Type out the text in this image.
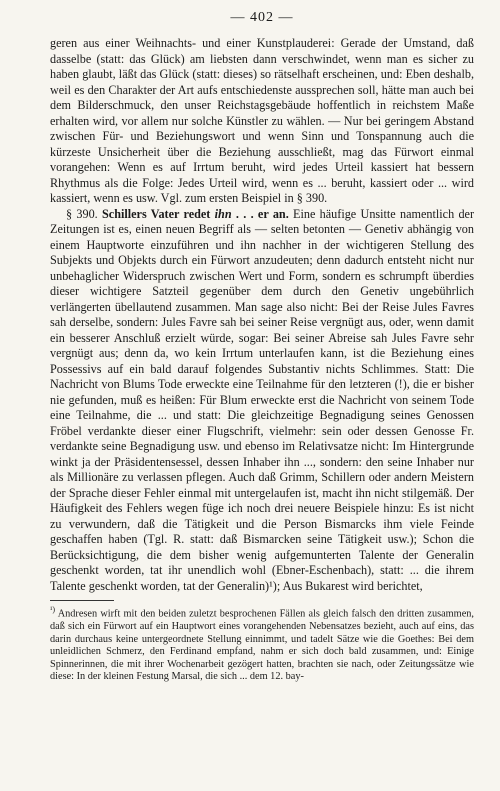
— 402 —

geren aus einer Weihnachts- und einer Kunstplauderei: Gerade der Umstand, daß dasselbe (statt: das Glück) am liebsten dann verschwindet, wenn man es sicher zu haben glaubt, läßt das Glück (statt: dieses) so rätselhaft erscheinen, und: Eben deshalb, weil es den Charakter der Art aufs entschiedenste aussprechen soll, hätte man auch bei dem Bilderschmuck, den unser Reichstagsgebäude hoffentlich in reichstem Maße erhalten wird, vor allem nur solche Künstler zu wählen. — Nur bei geringem Abstand zwischen Für- und Beziehungswort und wenn Sinn und Tonspannung auch die kürzeste Unsicherheit über die Beziehung ausschließt, mag das Fürwort einmal vorangehen: Wenn es auf Irrtum beruht, wird jedes Urteil kassiert hat bessern Rhythmus als die Folge: Jedes Urteil wird, wenn es ... beruht, kassiert oder ... wird kassiert, wenn es usw. Vgl. zum ersten Beispiel in § 390.

§ 390. Schillers Vater redet ihn . . . er an. Eine häufige Unsitte namentlich der Zeitungen ist es, einen neuen Begriff als — selten betonten — Genetiv abhängig von einem Hauptworte einzuführen und ihn nachher in der wichtigeren Stellung des Subjekts und Objekts durch ein Fürwort anzudeuten; denn dadurch entsteht nicht nur unbehaglicher Widerspruch zwischen Wert und Form, sondern es schrumpft überdies dieser wichtigere Satzteil gegenüber dem durch den Genetiv ungebührlich verlängerten übellautend zusammen. Man sage also nicht: Bei der Reise Jules Favres sah derselbe, sondern: Jules Favre sah bei seiner Reise vergnügt aus, oder, wenn damit ein besserer Anschluß erzielt würde, sogar: Bei seiner Abreise sah Jules Favre sehr vergnügt aus; denn da, wo kein Irrtum unterlaufen kann, ist die Beziehung eines Possessivs auf ein bald darauf folgendes Substantiv nichts Schlimmes. Statt: Die Nachricht von Blums Tode erweckte eine Teilnahme für den letzteren (!), die er bisher nie gefunden, muß es heißen: Für Blum erweckte erst die Nachricht von seinem Tode eine Teilnahme, die ... und statt: Die gleichzeitige Begnadigung seines Genossen Fröbel verdankte dieser einer Flugschrift, vielmehr: sein oder dessen Genosse Fr. verdankte seine Begnadigung usw. und ebenso im Relativsatze nicht: Im Hintergrunde winkt ja der Präsidentensessel, dessen Inhaber ihn ..., sondern: den seine Inhaber nur als Millionäre zu verlassen pflegen. Auch daß Grimm, Schillern oder andern Meistern der Sprache dieser Fehler einmal mit untergelaufen ist, macht ihn nicht stilgemäß. Der Häufigkeit des Fehlers wegen füge ich noch drei neuere Beispiele hinzu: Es ist nicht zu verwundern, daß die Tätigkeit und die Person Bismarcks ihm viele Feinde geschaffen haben (Tgl. R. statt: daß Bismarcken seine Tätigkeit usw.); Schon die Berücksichtigung, die dem bisher wenig aufgemunterten Talente der Generalin geschenkt worden, tat ihr unendlich wohl (Ebner-Eschenbach), statt: ... die ihrem Talente geschenkt worden, tat der Generalin)¹); Aus Bukarest wird berichtet,

$^{^1)}$ Andresen wirft mit den beiden zuletzt besprochenen Fällen als gleich falsch den dritten zusammen, daß sich ein Fürwort auf ein Hauptwort eines vorangehenden Nebensatzes bezieht, auch auf eins, das darin durchaus keine untergeordnete Stellung einnimmt, und tadelt Sätze wie die Goethes: Bei dem unleidlichen Schmerz, den Ferdinand empfand, nahm er sich doch bald zusammen, und: Einige Spinnerinnen, die mit ihrer Wochenarbeit gezögert hatten, brachten sie nach, oder Zeitungssätze wie diese: In der kleinen Festung Marsal, die sich ... dem 12. bay-
